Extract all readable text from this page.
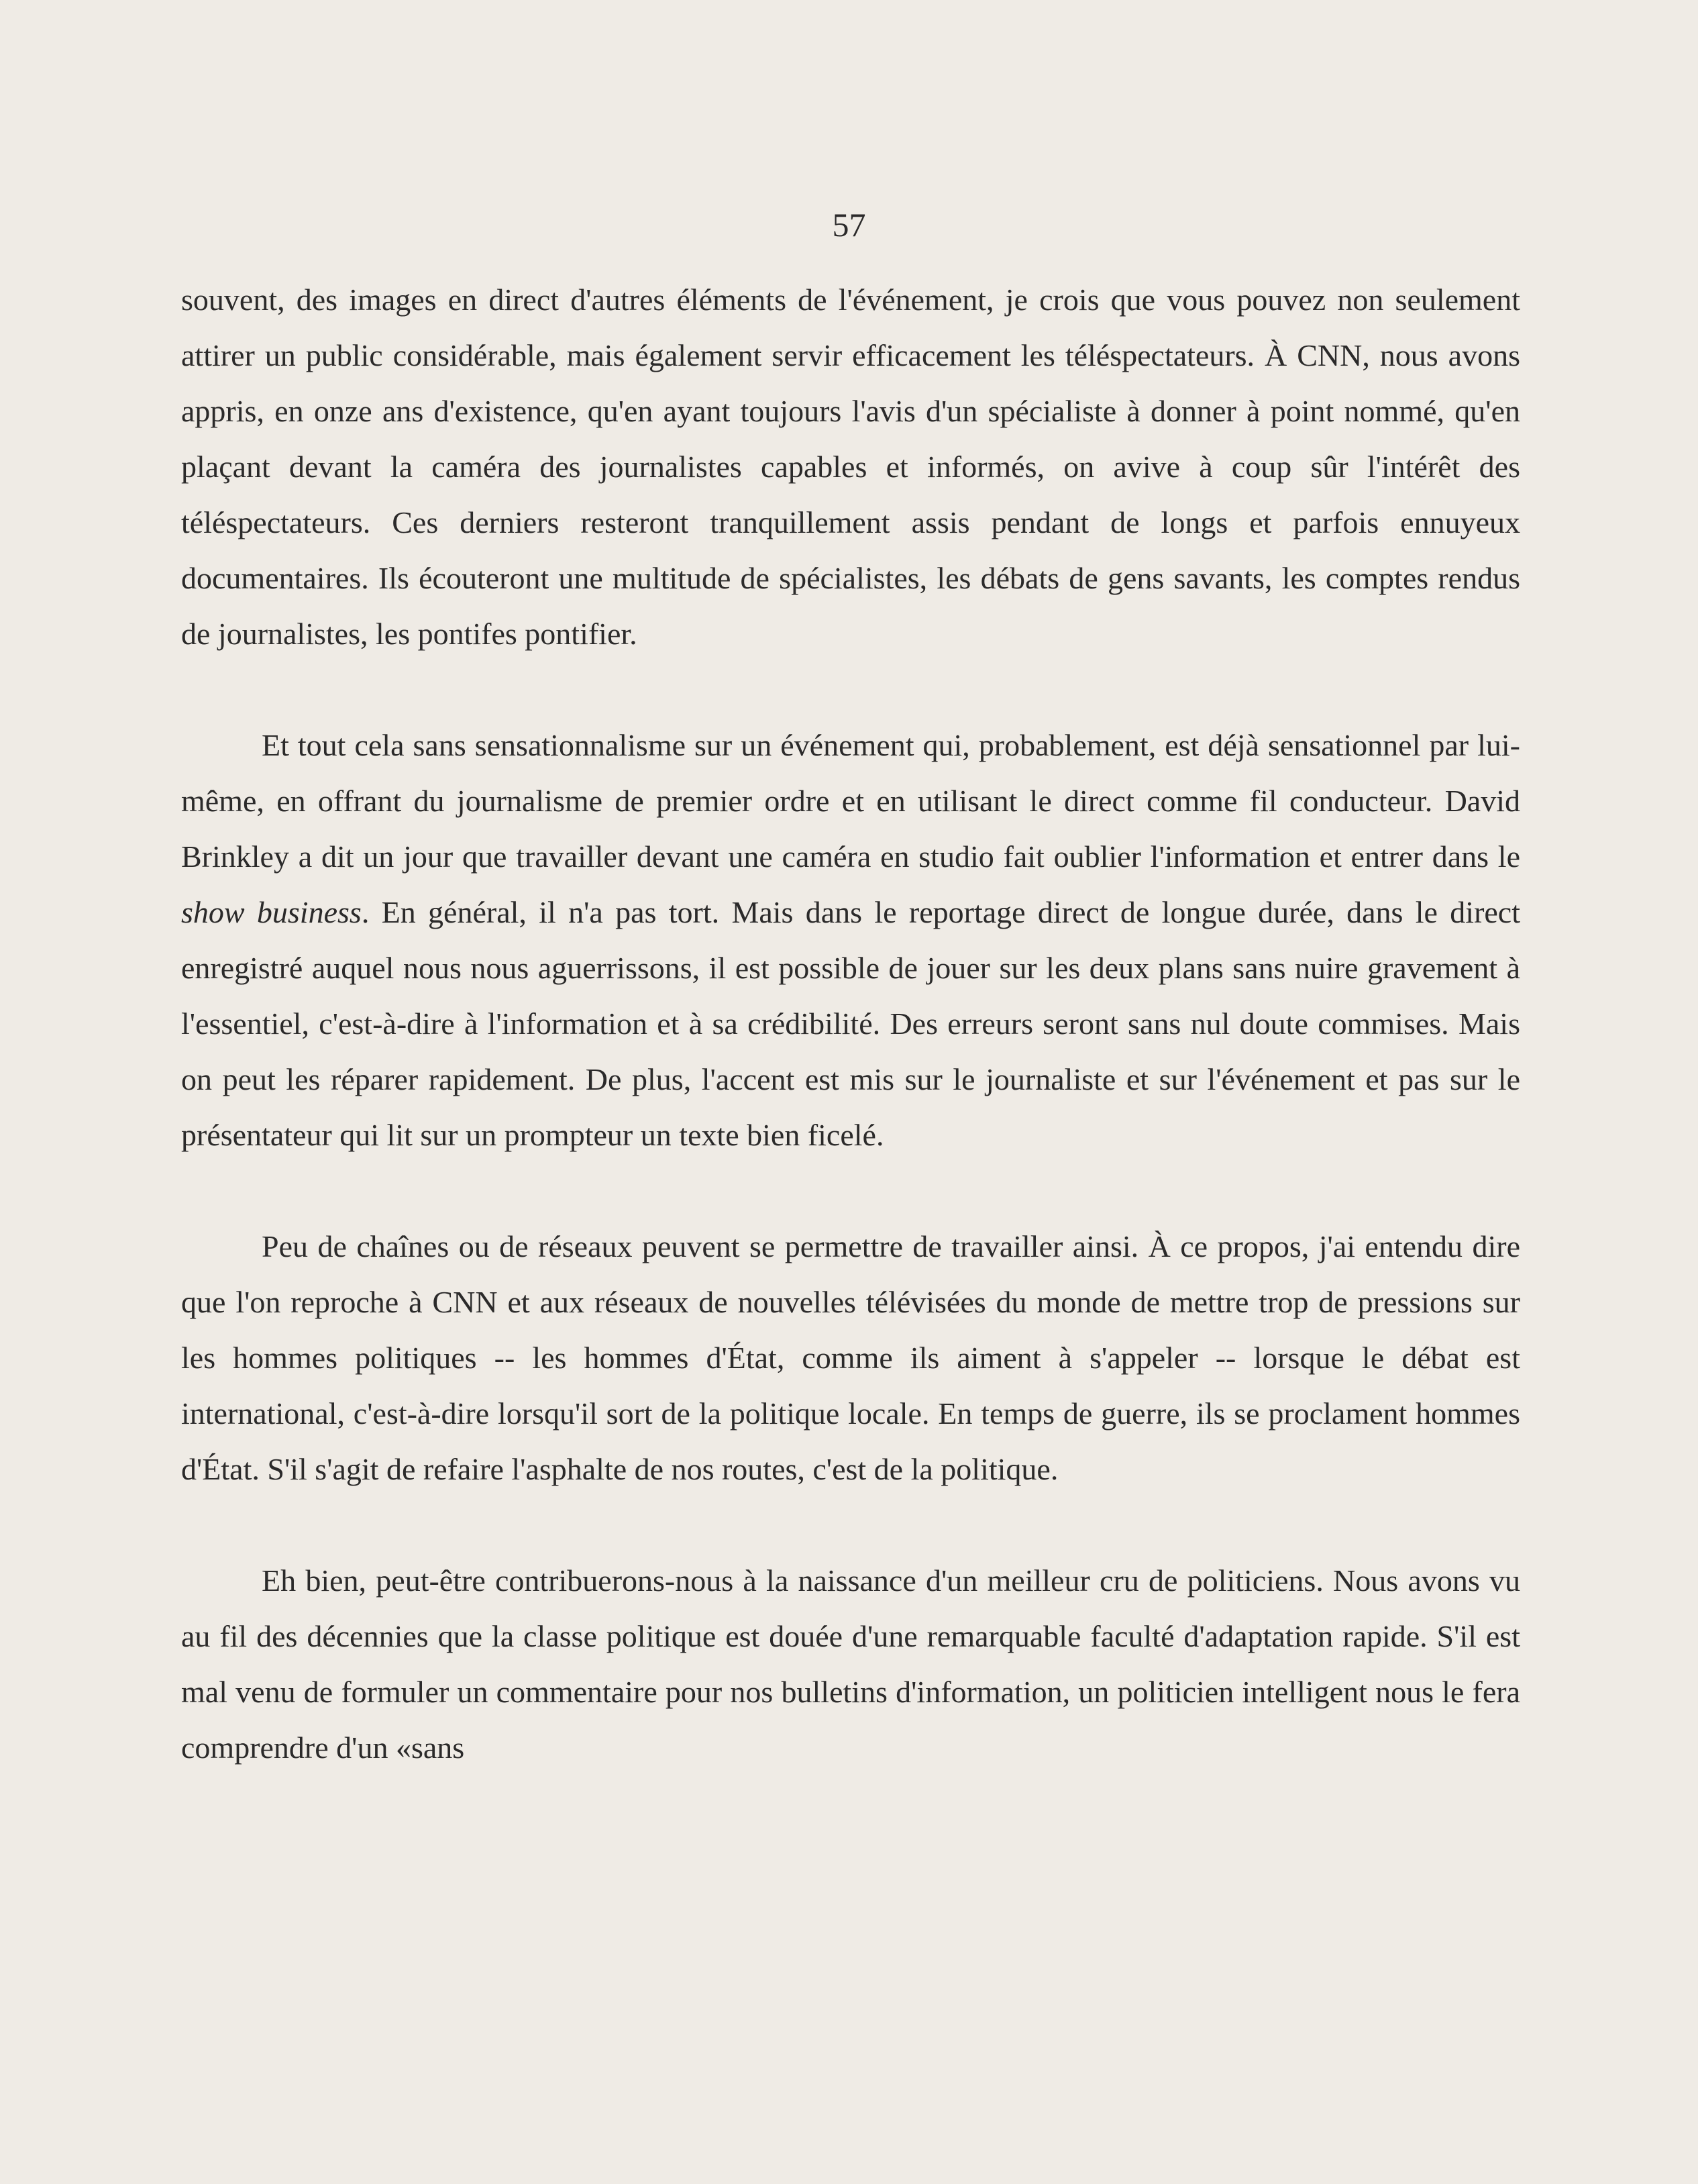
57

souvent, des images en direct d'autres éléments de l'événement, je crois que vous pouvez non seulement attirer un public considérable, mais également servir efficacement les téléspectateurs. À CNN, nous avons appris, en onze ans d'existence, qu'en ayant toujours l'avis d'un spécialiste à donner à point nommé, qu'en plaçant devant la caméra des journalistes capables et informés, on avive à coup sûr l'intérêt des téléspectateurs. Ces derniers resteront tranquillement assis pendant de longs et parfois ennuyeux documentaires. Ils écouteront une multitude de spécialistes, les débats de gens savants, les comptes rendus de journalistes, les pontifes pontifier.

Et tout cela sans sensationnalisme sur un événement qui, probablement, est déjà sensationnel par lui-même, en offrant du journalisme de premier ordre et en utilisant le direct comme fil conducteur. David Brinkley a dit un jour que travailler devant une caméra en studio fait oublier l'information et entrer dans le show business. En général, il n'a pas tort. Mais dans le reportage direct de longue durée, dans le direct enregistré auquel nous nous aguerrissons, il est possible de jouer sur les deux plans sans nuire gravement à l'essentiel, c'est-à-dire à l'information et à sa crédibilité. Des erreurs seront sans nul doute commises. Mais on peut les réparer rapidement. De plus, l'accent est mis sur le journaliste et sur l'événement et pas sur le présentateur qui lit sur un prompteur un texte bien ficelé.

Peu de chaînes ou de réseaux peuvent se permettre de travailler ainsi. À ce propos, j'ai entendu dire que l'on reproche à CNN et aux réseaux de nouvelles télévisées du monde de mettre trop de pressions sur les hommes politiques -- les hommes d'État, comme ils aiment à s'appeler -- lorsque le débat est international, c'est-à-dire lorsqu'il sort de la politique locale. En temps de guerre, ils se proclament hommes d'État. S'il s'agit de refaire l'asphalte de nos routes, c'est de la politique.

Eh bien, peut-être contribuerons-nous à la naissance d'un meilleur cru de politiciens. Nous avons vu au fil des décennies que la classe politique est douée d'une remarquable faculté d'adaptation rapide. S'il est mal venu de formuler un commentaire pour nos bulletins d'information, un politicien intelligent nous le fera comprendre d'un «sans
